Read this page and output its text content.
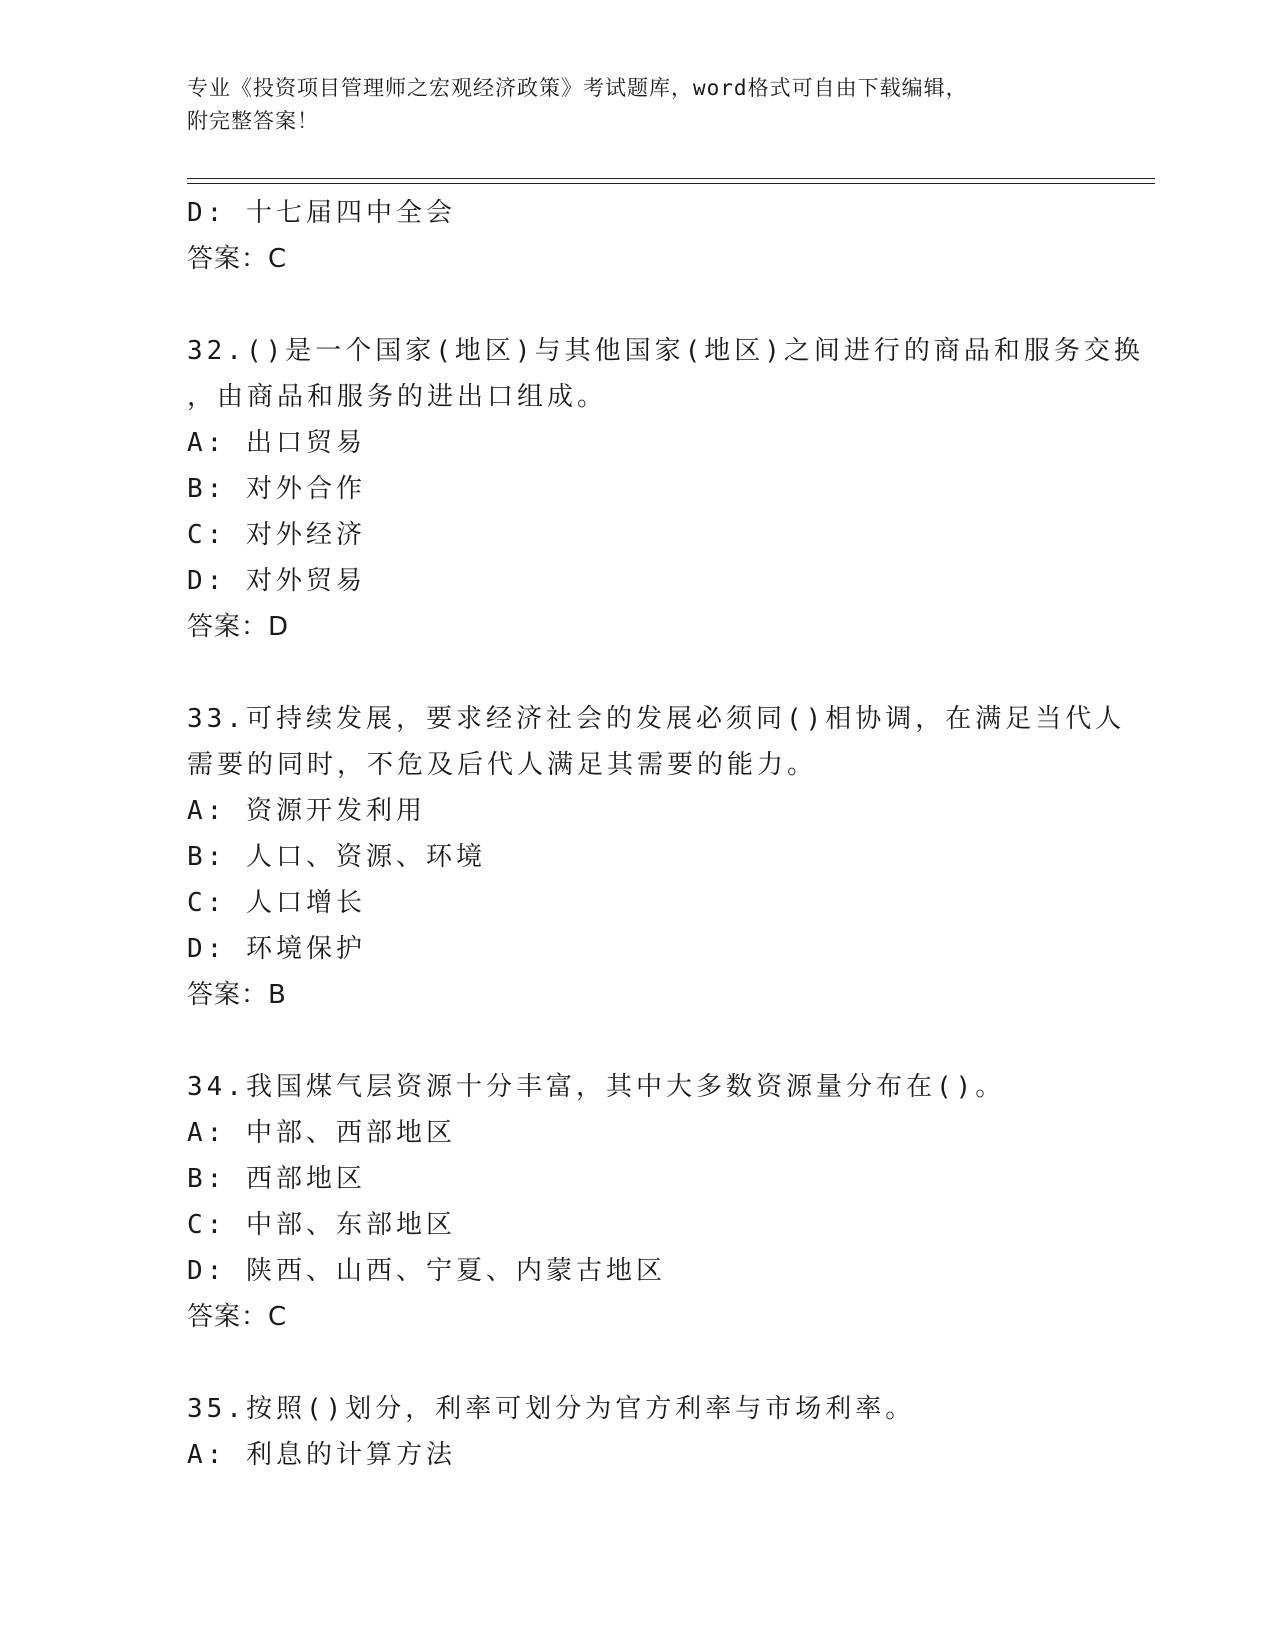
专业《投资项目管理师之宏观经济政策》考试题库，word格式可自由下载编辑，
附完整答案！
D: 十七届四中全会
答案：C
32.()是一个国家(地区)与其他国家(地区)之间进行的商品和服务交换
，由商品和服务的进出口组成。
A: 出口贸易
B: 对外合作
C: 对外经济
D: 对外贸易
答案：D
33.可持续发展，要求经济社会的发展必须同()相协调，在满足当代人
需要的同时，不危及后代人满足其需要的能力。
A: 资源开发利用
B: 人口、资源、环境
C: 人口增长
D: 环境保护
答案：B
34.我国煤气层资源十分丰富，其中大多数资源量分布在()。
A: 中部、西部地区
B: 西部地区
C: 中部、东部地区
D: 陕西、山西、宁夏、内蒙古地区
答案：C
35.按照()划分，利率可划分为官方利率与市场利率。
A: 利息的计算方法
